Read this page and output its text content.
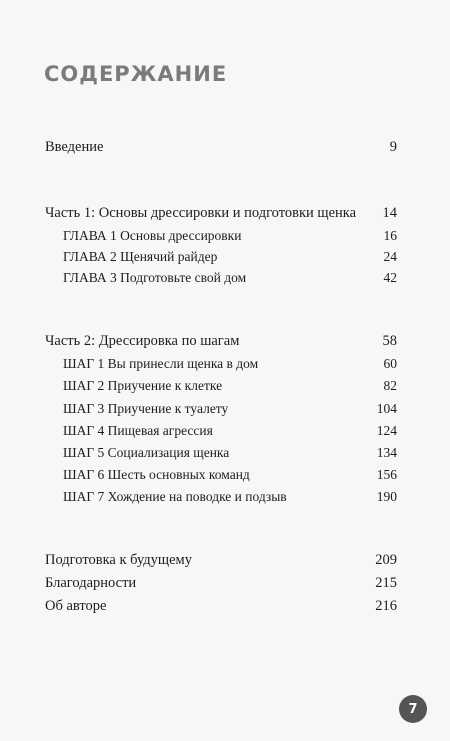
СОДЕРЖАНИЕ
Введение	9
Часть 1: Основы дрессировки и подготовки щенка 14
ГЛАВА 1 Основы дрессировки	16
ГЛАВА 2 Щенячий райдер	24
ГЛАВА 3 Подготовьте свой дом	42
Часть 2: Дрессировка по шагам	58
ШАГ 1 Вы принесли щенка в дом	60
ШАГ 2 Приучение к клетке	82
ШАГ 3 Приучение к туалету	104
ШАГ 4 Пищевая агрессия	124
ШАГ 5 Социализация щенка	134
ШАГ 6 Шесть основных команд	156
ШАГ 7 Хождение на поводке и подзыв	190
Подготовка к будущему	209
Благодарности	215
Об авторе	216
7
